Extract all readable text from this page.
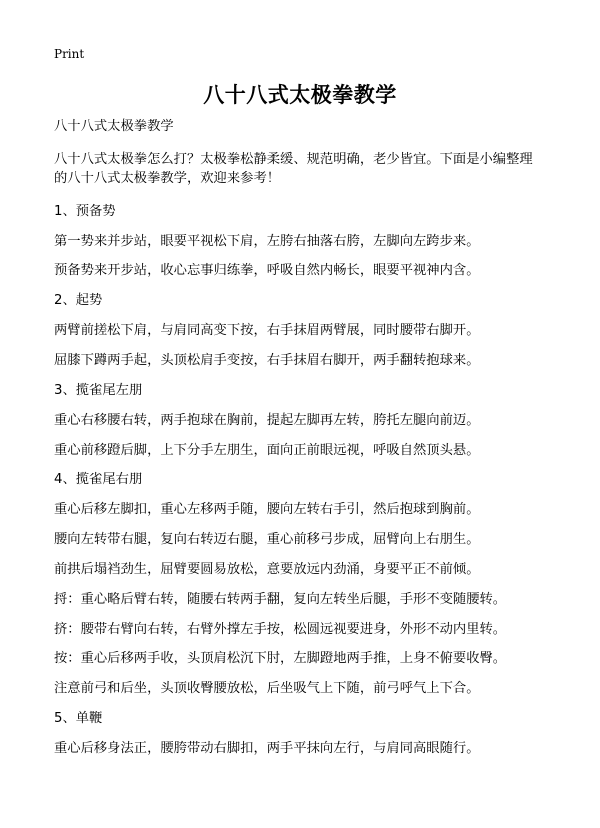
Print
八十八式太极拳教学
八十八式太极拳教学

八十八式太极拳怎么打？太极拳松静柔缓、规范明确，老少皆宜。下面是小编整理

的八十八式太极拳教学，欢迎来参考！

1、预备势
第一势来并步站，眼要平视松下肩，左胯右抽落右胯，左脚向左跨步来。
预备势来开步站，收心忘事归练拳，呼吸自然内畅长，眼要平视神内含。
2、起势
两臂前搓松下肩，与肩同高变下按，右手抹眉两臂展，同时腰带右脚开。
屈膝下蹲两手起，头顶松肩手变按，右手抹眉右脚开，两手翻转抱球来。
3、揽雀尾左朋
重心右移腰右转，两手抱球在胸前，提起左脚再左转，胯托左腿向前迈。
重心前移蹬后脚，上下分手左朋生，面向正前眼远视，呼吸自然顶头悬。
4、揽雀尾右朋
重心后移左脚扣，重心左移两手随，腰向左转右手引，然后抱球到胸前。
腰向左转带右腿，复向右转迈右腿，重心前移弓步成，屈臂向上右朋生。
前拱后塌裆劲生，屈臂要圆易放松，意要放远内劲涌，身要平正不前倾。
捋：重心略后臂右转，随腰右转两手翻，复向左转坐后腿，手形不变随腰转。
挤：腰带右臂向右转，右臂外撑左手按，松圆远视要进身，外形不动内里转。
按：重心后移两手收，头顶肩松沉下肘，左脚蹬地两手推，上身不俯要收臀。
注意前弓和后坐，头顶收臀腰放松，后坐吸气上下随，前弓呼气上下合。
5、单鞭
重心后移身法正，腰胯带动右脚扣，两手平抹向左行，与肩同高眼随行。
